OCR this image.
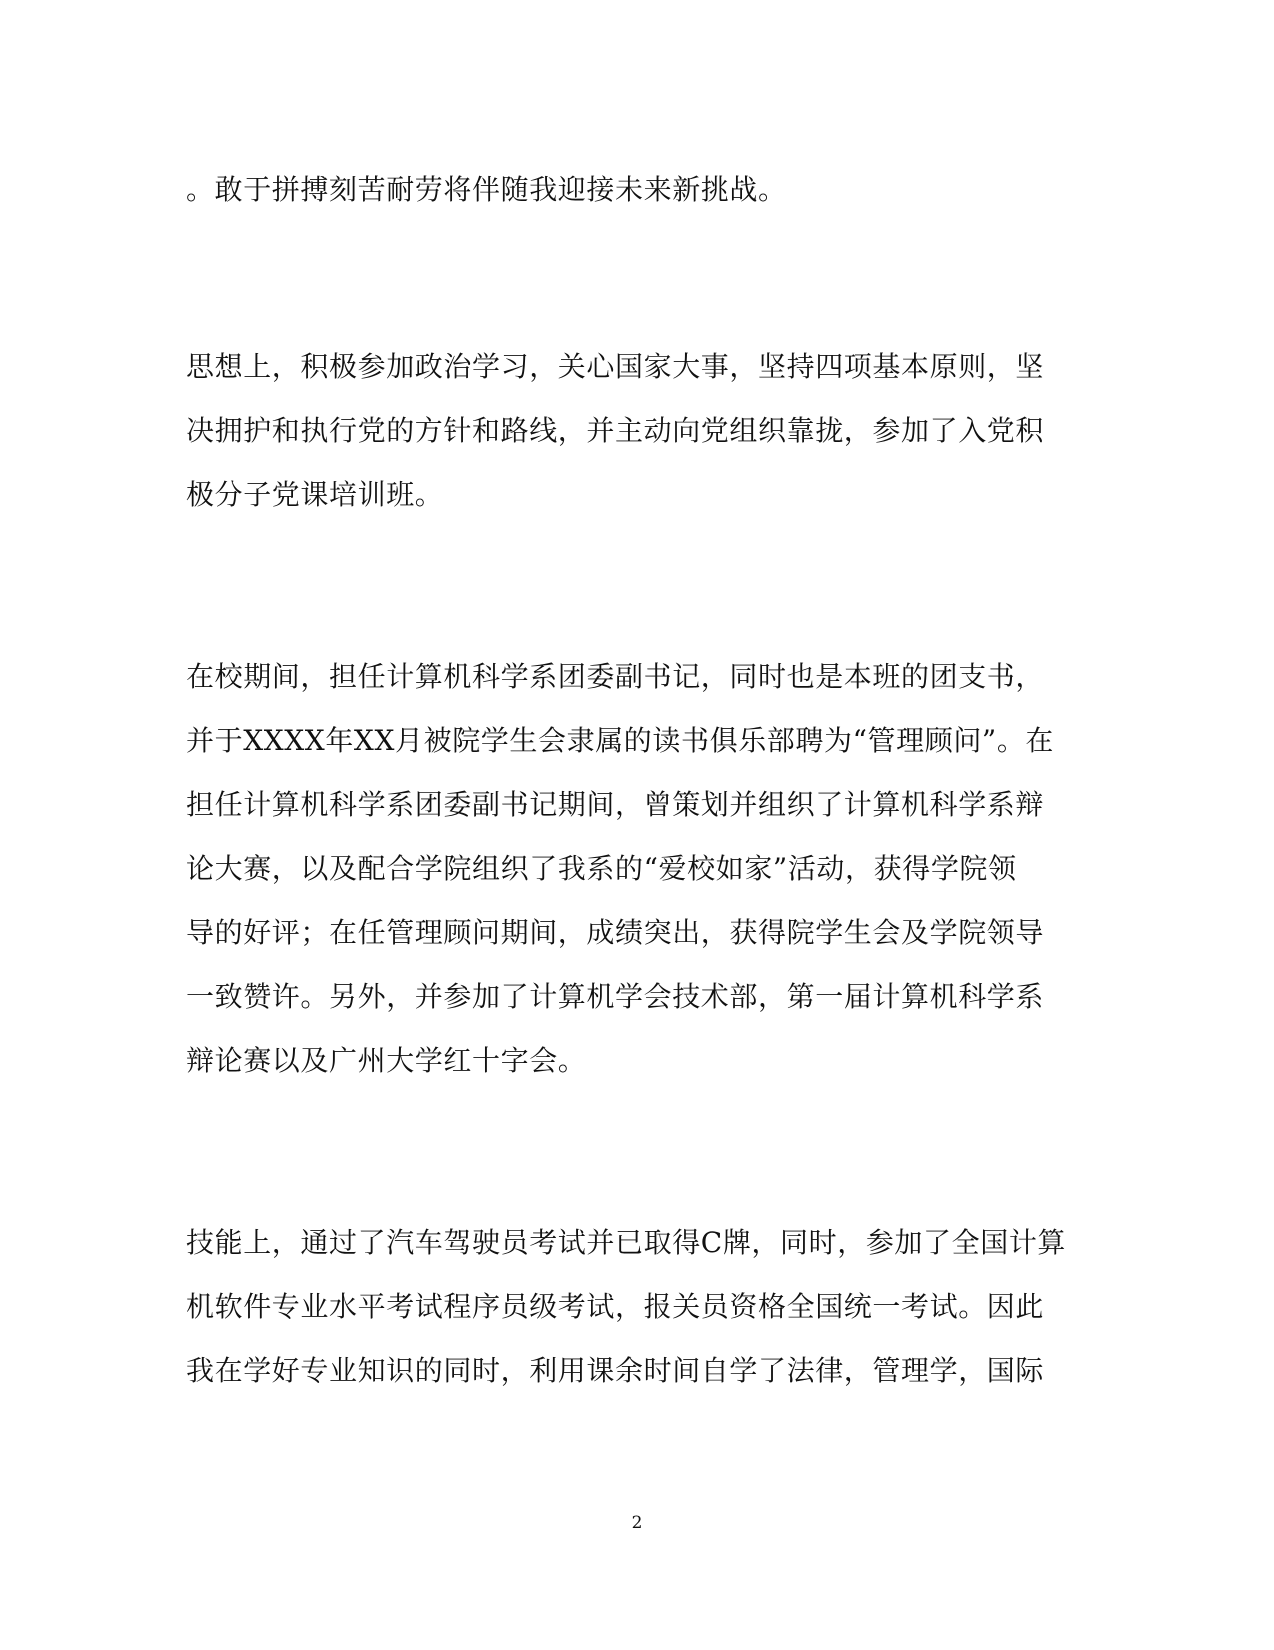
。敢于拼搏刻苦耐劳将伴随我迎接未来新挑战。
思想上，积极参加政治学习，关心国家大事，坚持四项基本原则，坚
决拥护和执行党的方针和路线，并主动向党组织靠拢，参加了入党积
极分子党课培训班。
在校期间，担任计算机科学系团委副书记，同时也是本班的团支书，
并于XXXX年XX月被院学生会隶属的读书俱乐部聘为“管理顾问”。在
担任计算机科学系团委副书记期间，曾策划并组织了计算机科学系辩
论大赛，以及配合学院组织了我系的“爱校如家”活动，获得学院领
导的好评；在任管理顾问期间，成绩突出，获得院学生会及学院领导
一致赞许。另外，并参加了计算机学会技术部，第一届计算机科学系
辩论赛以及广州大学红十字会。
技能上，通过了汽车驾驶员考试并已取得C牌，同时，参加了全国计算
机软件专业水平考试程序员级考试，报关员资格全国统一考试。因此
我在学好专业知识的同时，利用课余时间自学了法律，管理学，国际
2
